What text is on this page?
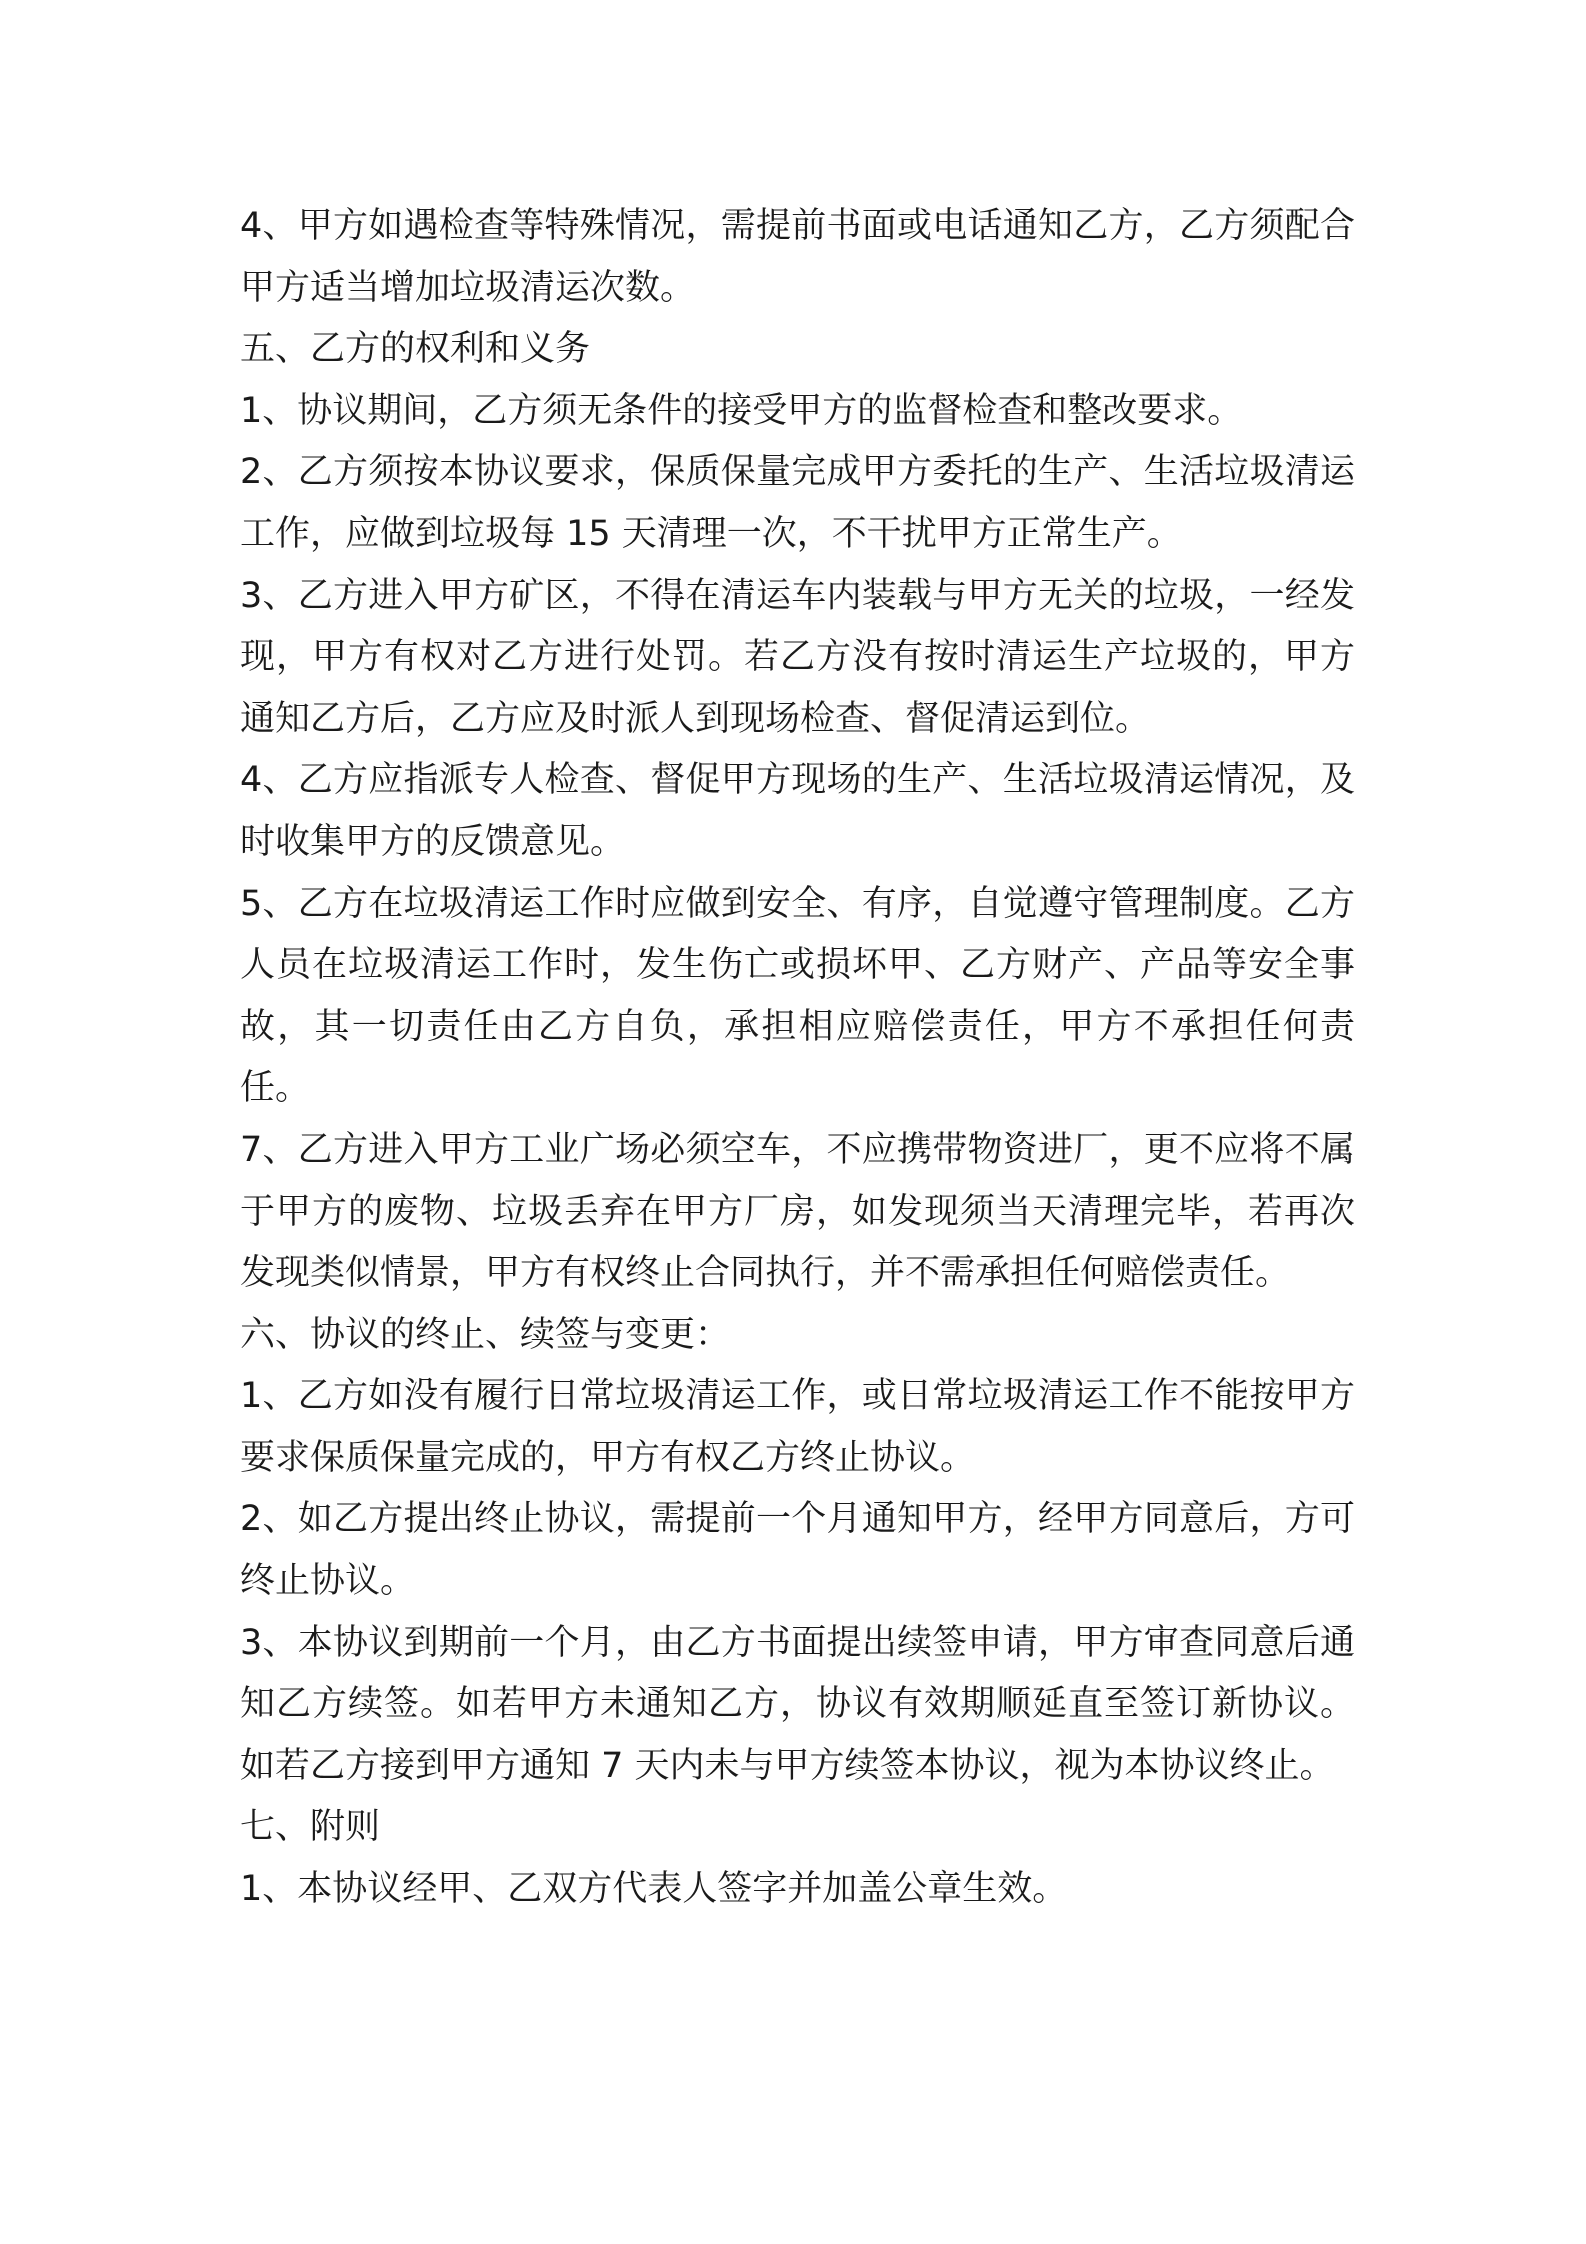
4、甲方如遇检查等特殊情况，需提前书面或电话通知乙方，乙方须配合甲方适当增加垃圾清运次数。

五、乙方的权利和义务

1、协议期间，乙方须无条件的接受甲方的监督检查和整改要求。

2、乙方须按本协议要求，保质保量完成甲方委托的生产、生活垃圾清运工作，应做到垃圾每 15 天清理一次，不干扰甲方正常生产。

3、乙方进入甲方矿区，不得在清运车内装载与甲方无关的垃圾，一经发现，甲方有权对乙方进行处罚。若乙方没有按时清运生产垃圾的，甲方通知乙方后，乙方应及时派人到现场检查、督促清运到位。

4、乙方应指派专人检查、督促甲方现场的生产、生活垃圾清运情况，及时收集甲方的反馈意见。

5、乙方在垃圾清运工作时应做到安全、有序，自觉遵守管理制度。乙方人员在垃圾清运工作时，发生伤亡或损坏甲、乙方财产、产品等安全事故，其一切责任由乙方自负，承担相应赔偿责任，甲方不承担任何责任。

7、乙方进入甲方工业广场必须空车，不应携带物资进厂，更不应将不属于甲方的废物、垃圾丢弃在甲方厂房，如发现须当天清理完毕，若再次发现类似情景，甲方有权终止合同执行，并不需承担任何赔偿责任。

六、协议的终止、续签与变更：

1、乙方如没有履行日常垃圾清运工作，或日常垃圾清运工作不能按甲方要求保质保量完成的，甲方有权乙方终止协议。

2、如乙方提出终止协议，需提前一个月通知甲方，经甲方同意后，方可终止协议。

3、本协议到期前一个月，由乙方书面提出续签申请，甲方审查同意后通知乙方续签。如若甲方未通知乙方，协议有效期顺延直至签订新协议。如若乙方接到甲方通知 7 天内未与甲方续签本协议，视为本协议终止。

七、附则

1、本协议经甲、乙双方代表人签字并加盖公章生效。
